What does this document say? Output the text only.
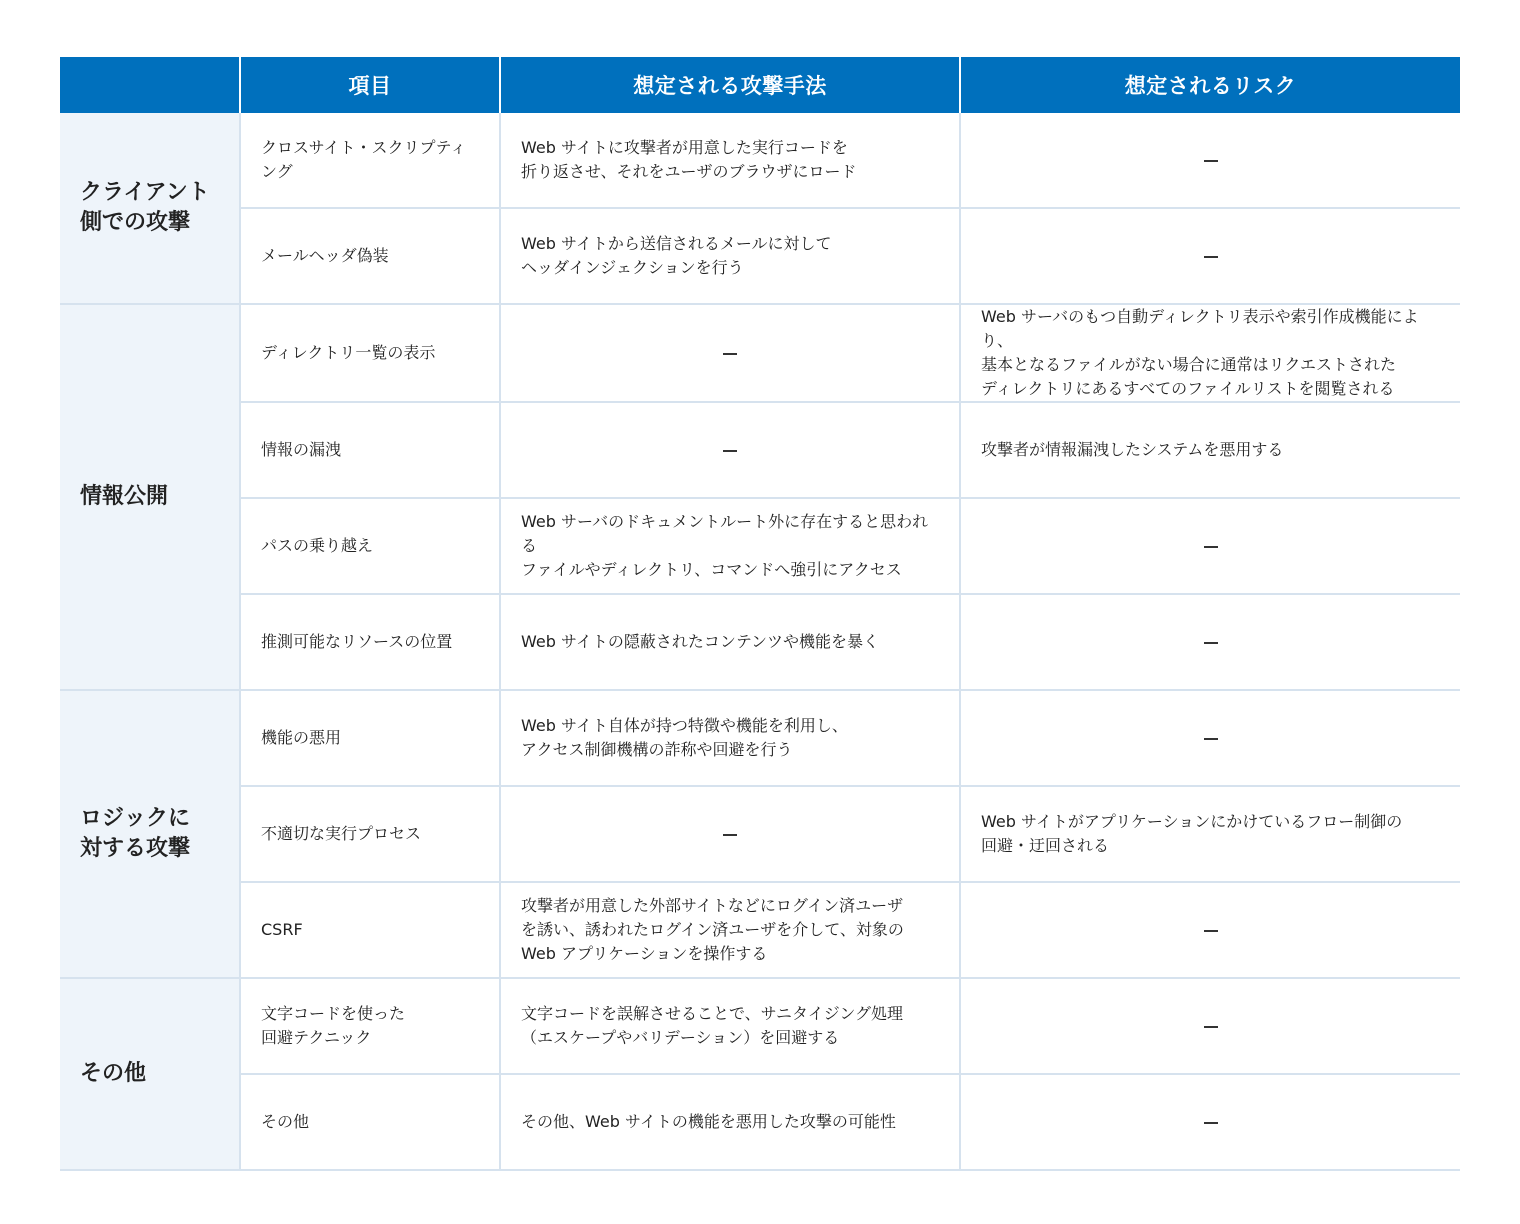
	項目	想定される攻撃手法	想定されるリスク
クライアント
側での攻撃	クロスサイト・スクリプティング	Web サイトに攻撃者が用意した実行コードを
折り返させ、それをユーザのブラウザにロード	
	メールヘッダ偽装	Web サイトから送信されるメールに対して
ヘッダインジェクションを行う	
情報公開	ディレクトリ一覧の表示		Web サーバのもつ自動ディレクトリ表示や索引作成機能により、
基本となるファイルがない場合に通常はリクエストされた
ディレクトリにあるすべてのファイルリストを閲覧される
	情報の漏洩		攻撃者が情報漏洩したシステムを悪用する
	パスの乗り越え	Web サーバのドキュメントルート外に存在すると思われる
ファイルやディレクトリ、コマンドへ強引にアクセス	
	推測可能なリソースの位置	Web サイトの隠蔽されたコンテンツや機能を暴く	
ロジックに
対する攻撃	機能の悪用	Web サイト自体が持つ特徴や機能を利用し、
アクセス制御機構の詐称や回避を行う	
	不適切な実行プロセス		Web サイトがアプリケーションにかけているフロー制御の
回避・迂回される
	CSRF	攻撃者が用意した外部サイトなどにログイン済ユーザ
を誘い、誘われたログイン済ユーザを介して、対象の
Web アプリケーションを操作する	
その他	文字コードを使った
回避テクニック	文字コードを誤解させることで、サニタイジング処理
（エスケープやバリデーション）を回避する	
	その他	その他、Web サイトの機能を悪用した攻撃の可能性	
